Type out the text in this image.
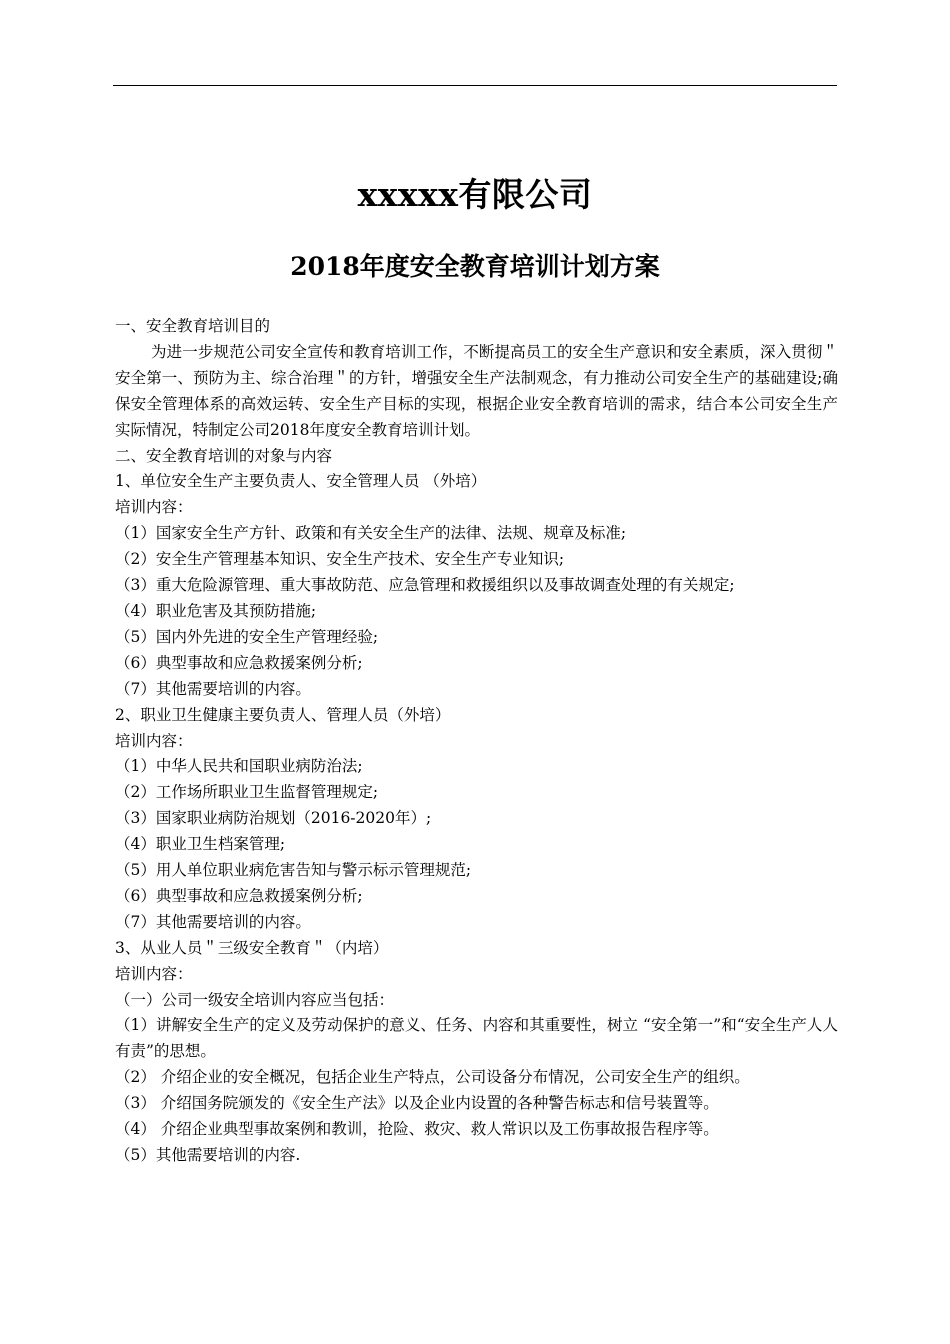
xxxxx有限公司
2018年度安全教育培训计划方案
一、安全教育培训目的
为进一步规范公司安全宣传和教育培训工作，不断提高员工的安全生产意识和安全素质，深入贯彻＂安全第一、预防为主、综合治理＂的方针，增强安全生产法制观念，有力推动公司安全生产的基础建设;确保安全管理体系的高效运转、安全生产目标的实现，根据企业安全教育培训的需求，结合本公司安全生产实际情况，特制定公司2018年度安全教育培训计划。
二、安全教育培训的对象与内容
1、单位安全生产主要负责人、安全管理人员 （外培）
培训内容：
（1）国家安全生产方针、政策和有关安全生产的法律、法规、规章及标准;
（2）安全生产管理基本知识、安全生产技术、安全生产专业知识;
（3）重大危险源管理、重大事故防范、应急管理和救援组织以及事故调查处理的有关规定;
（4）职业危害及其预防措施;
（5）国内外先进的安全生产管理经验;
（6）典型事故和应急救援案例分析;
（7）其他需要培训的内容。
2、职业卫生健康主要负责人、管理人员（外培）
培训内容：
（1）中华人民共和国职业病防治法;
（2）工作场所职业卫生监督管理规定;
（3）国家职业病防治规划（2016-2020年）;
（4）职业卫生档案管理;
（5）用人单位职业病危害告知与警示标示管理规范;
（6）典型事故和应急救援案例分析;
（7）其他需要培训的内容。
3、从业人员＂三级安全教育＂（内培）
培训内容：
（一）公司一级安全培训内容应当包括：
（1）讲解安全生产的定义及劳动保护的意义、任务、内容和其重要性，树立 “安全第一”和“安全生产人人有责”的思想。
（2） 介绍企业的安全概况，包括企业生产特点，公司设备分布情况，公司安全生产的组织。
（3） 介绍国务院颁发的《安全生产法》以及企业内设置的各种警告标志和信号装置等。
（4） 介绍企业典型事故案例和教训，抢险、救灾、救人常识以及工伤事故报告程序等。
（5）其他需要培训的内容.
